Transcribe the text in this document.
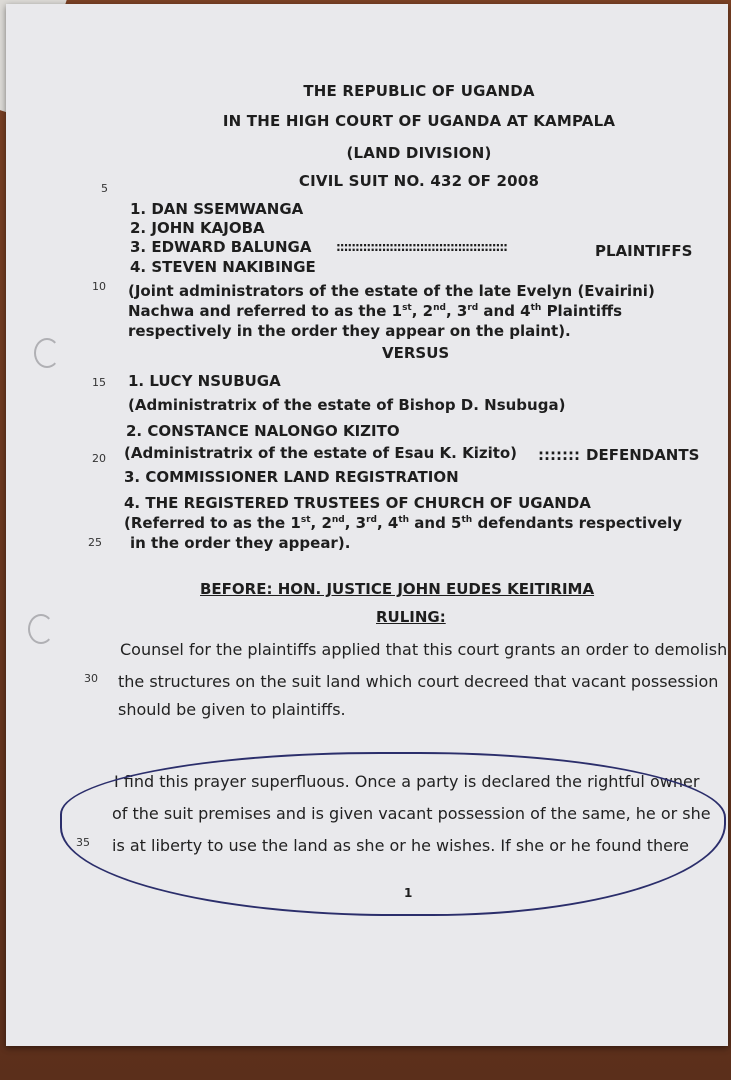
THE REPUBLIC OF UGANDA
IN THE HIGH COURT OF UGANDA AT KAMPALA
(LAND DIVISION)
CIVIL SUIT NO. 432 OF 2008
5
10
15
20
25
30
35
1. DAN SSEMWANGA
2. JOHN KAJOBA
3. EDWARD BALUNGA :::::::::::::::::::::::::::::::::::::::::::::	PLAINTIFFS
4. STEVEN NAKIBINGE
(Joint administrators of the estate of the late Evelyn (Evairini)
Nachwa and referred to as the 1st, 2nd, 3rd and 4th Plaintiffs
respectively in the order they appear on the plaint).
VERSUS
1. LUCY NSUBUGA
(Administratrix of the estate of Bishop D. Nsubuga)
2. CONSTANCE NALONGO KIZITO
(Administratrix of the estate of Esau K. Kizito) ::::::: DEFENDANTS
3. COMMISSIONER LAND REGISTRATION
4. THE REGISTERED TRUSTEES OF CHURCH OF UGANDA
(Referred to as the 1st, 2nd, 3rd, 4th and 5th defendants respectively
in the order they appear).
BEFORE: HON. JUSTICE JOHN EUDES KEITIRIMA
RULING:
Counsel for the plaintiffs applied that this court grants an order to demolish
the structures on the suit land which court decreed that vacant possession
should be given to plaintiffs.
I find this prayer superfluous. Once a party is declared the rightful owner
of the suit premises and is given vacant possession of the same, he or she
is at liberty to use the land as she or he wishes. If she or he found there
1
